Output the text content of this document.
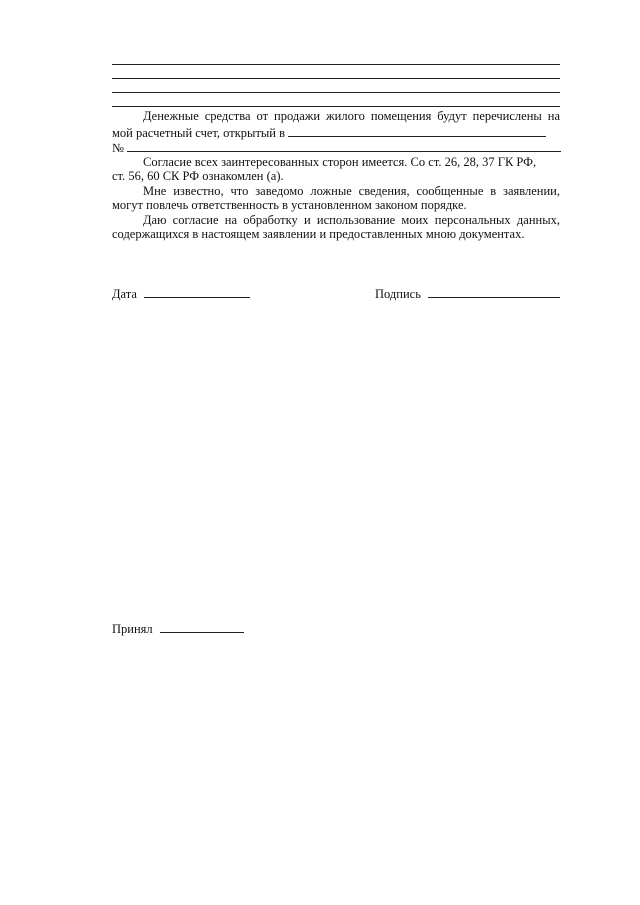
Денежные средства от продажи жилого помещения будут перечислены на
мой расчетный счет, открытый в
№
Согласие всех заинтересованных сторон имеется. Со ст. 26, 28, 37 ГК РФ,
ст. 56, 60 СК РФ ознакомлен (а).
Мне известно, что заведомо ложные сведения, сообщенные в заявлении,
могут повлечь ответственность в установленном законом порядке.
Даю согласие на обработку и использование моих персональных данных,
содержащихся в настоящем заявлении и предоставленных мною документах.
Дата	Подпись
Принял
